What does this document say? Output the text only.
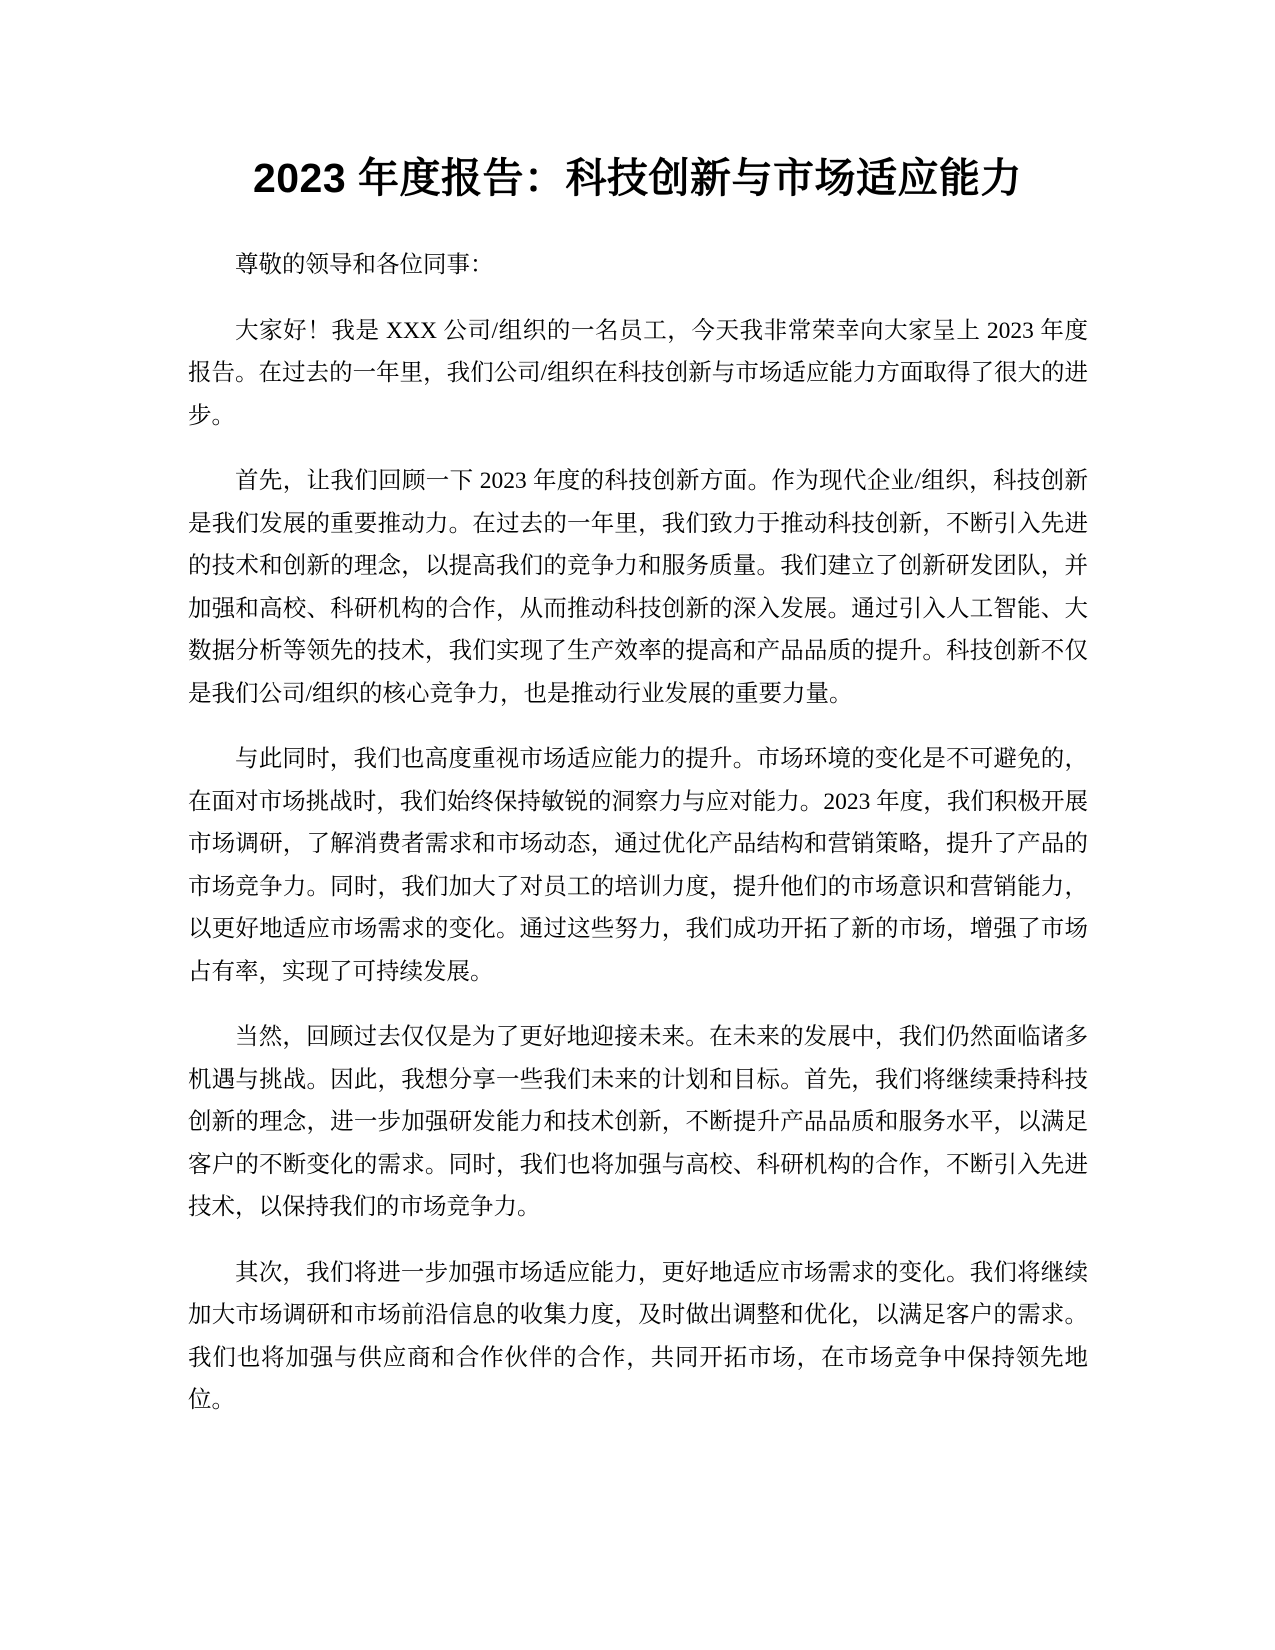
2023 年度报告：科技创新与市场适应能力

尊敬的领导和各位同事：

大家好！我是 XXX 公司/组织的一名员工，今天我非常荣幸向大家呈上 2023 年度报告。在过去的一年里，我们公司/组织在科技创新与市场适应能力方面取得了很大的进步。

首先，让我们回顾一下 2023 年度的科技创新方面。作为现代企业/组织，科技创新是我们发展的重要推动力。在过去的一年里，我们致力于推动科技创新，不断引入先进的技术和创新的理念，以提高我们的竞争力和服务质量。我们建立了创新研发团队，并加强和高校、科研机构的合作，从而推动科技创新的深入发展。通过引入人工智能、大数据分析等领先的技术，我们实现了生产效率的提高和产品品质的提升。科技创新不仅是我们公司/组织的核心竞争力，也是推动行业发展的重要力量。

与此同时，我们也高度重视市场适应能力的提升。市场环境的变化是不可避免的，在面对市场挑战时，我们始终保持敏锐的洞察力与应对能力。2023 年度，我们积极开展市场调研，了解消费者需求和市场动态，通过优化产品结构和营销策略，提升了产品的市场竞争力。同时，我们加大了对员工的培训力度，提升他们的市场意识和营销能力，以更好地适应市场需求的变化。通过这些努力，我们成功开拓了新的市场，增强了市场占有率，实现了可持续发展。

当然，回顾过去仅仅是为了更好地迎接未来。在未来的发展中，我们仍然面临诸多机遇与挑战。因此，我想分享一些我们未来的计划和目标。首先，我们将继续秉持科技创新的理念，进一步加强研发能力和技术创新，不断提升产品品质和服务水平，以满足客户的不断变化的需求。同时，我们也将加强与高校、科研机构的合作，不断引入先进技术，以保持我们的市场竞争力。

其次，我们将进一步加强市场适应能力，更好地适应市场需求的变化。我们将继续加大市场调研和市场前沿信息的收集力度，及时做出调整和优化，以满足客户的需求。我们也将加强与供应商和合作伙伴的合作，共同开拓市场，在市场竞争中保持领先地位。
